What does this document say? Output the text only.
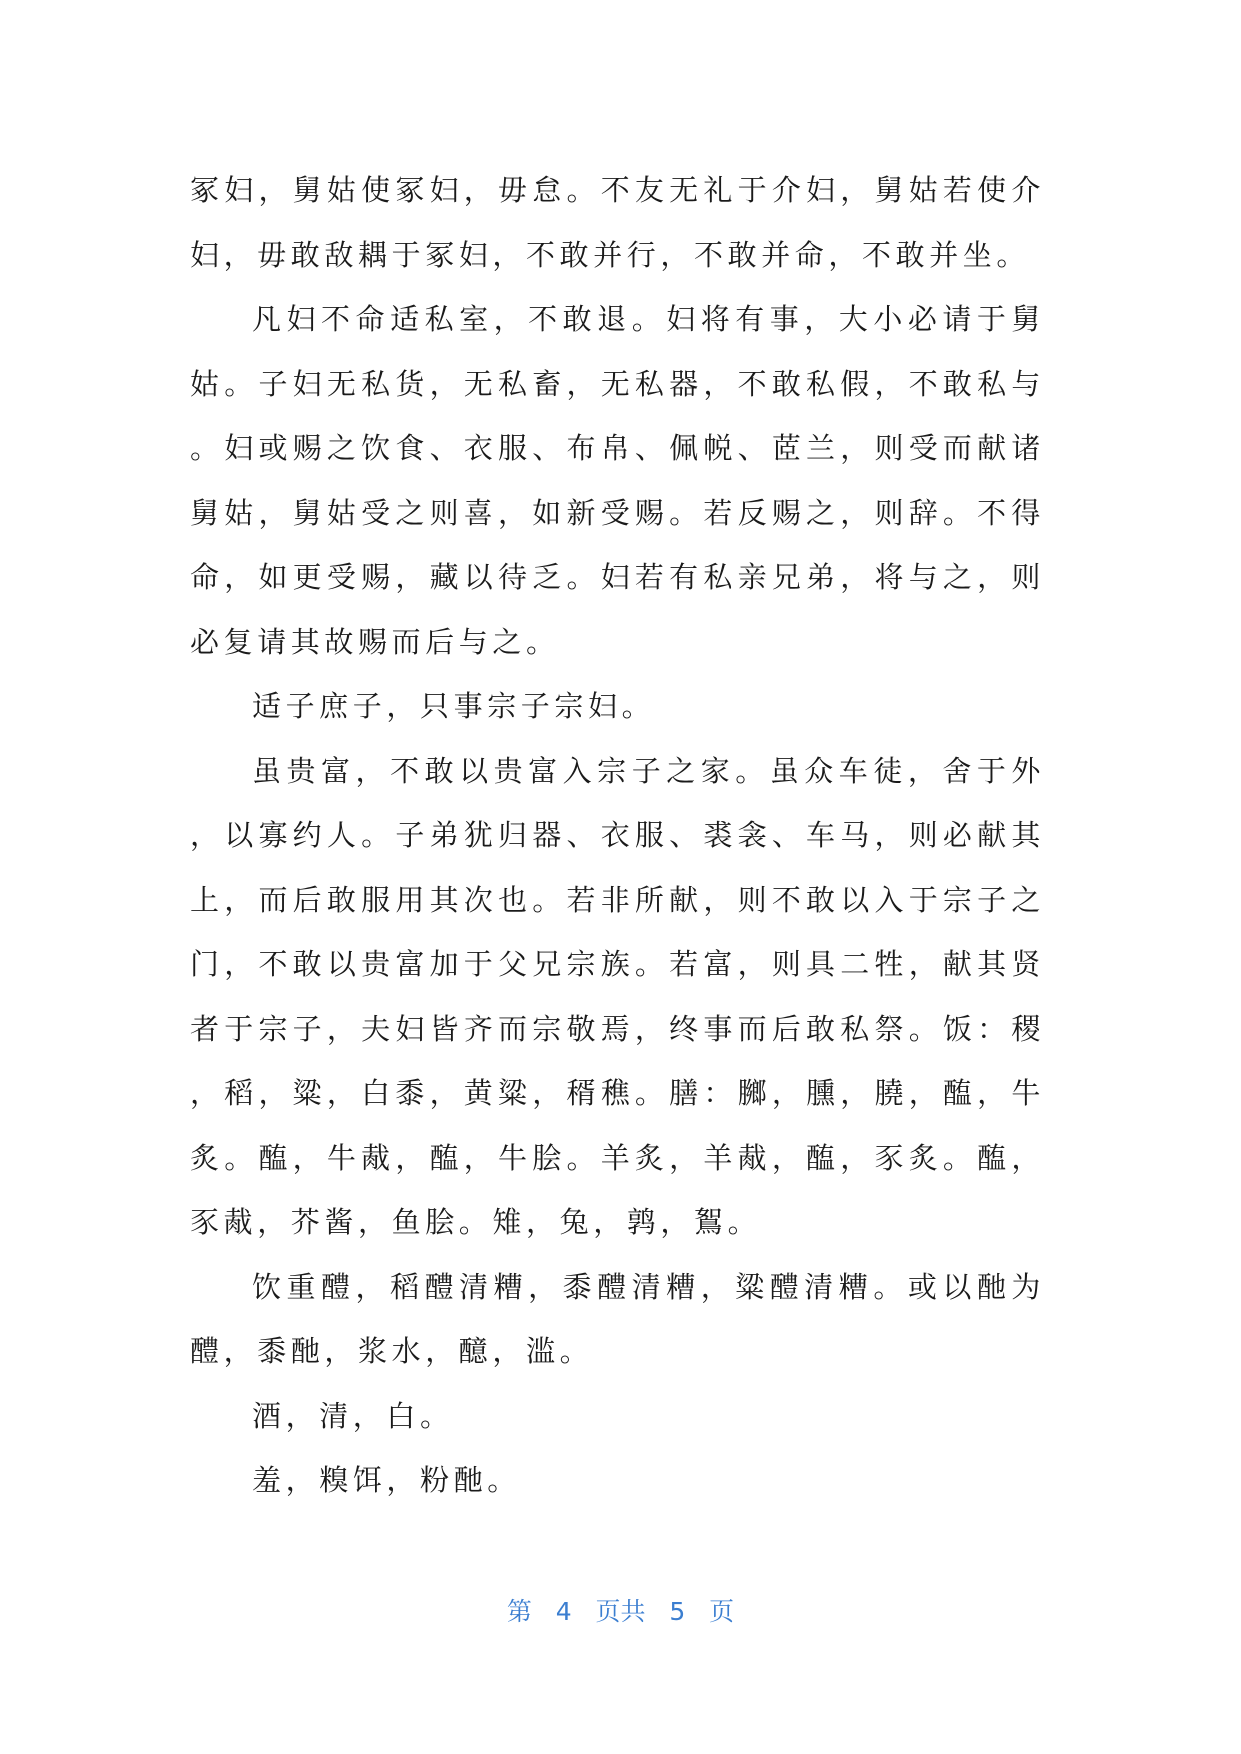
冢妇，舅姑使冢妇，毋怠。不友无礼于介妇，舅姑若使介妇，毋敢敌耦于冢妇，不敢并行，不敢并命，不敢并坐。

凡妇不命适私室，不敢退。妇将有事，大小必请于舅姑。子妇无私货，无私畜，无私器，不敢私假，不敢私与。妇或赐之饮食、衣服、布帛、佩帨、茝兰，则受而献诸舅姑，舅姑受之则喜，如新受赐。若反赐之，则辞。不得命，如更受赐，藏以待乏。妇若有私亲兄弟，将与之，则必复请其故赐而后与之。

适子庶子，只事宗子宗妇。

虽贵富，不敢以贵富入宗子之家。虽众车徒，舍于外，以寡约人。子弟犹归器、衣服、裘衾、车马，则必献其上，而后敢服用其次也。若非所献，则不敢以入于宗子之门，不敢以贵富加于父兄宗族。若富，则具二牲，献其贤者于宗子，夫妇皆齐而宗敬焉，终事而后敢私祭。饭：稷，稻，粱，白黍，黄粱，稰穛。膳：膷，臐，膮，醢，牛炙。醢，牛胾，醢，牛脍。羊炙，羊胾，醢，豕炙。醢，豕胾，芥酱，鱼脍。雉，兔，鹑，鴽。

饮重醴，稻醴清糟，黍醴清糟，粱醴清糟。或以酏为醴，黍酏，浆水，醷，滥。

酒，清，白。

羞，糗饵，粉酏。

第 4 页共 5 页
